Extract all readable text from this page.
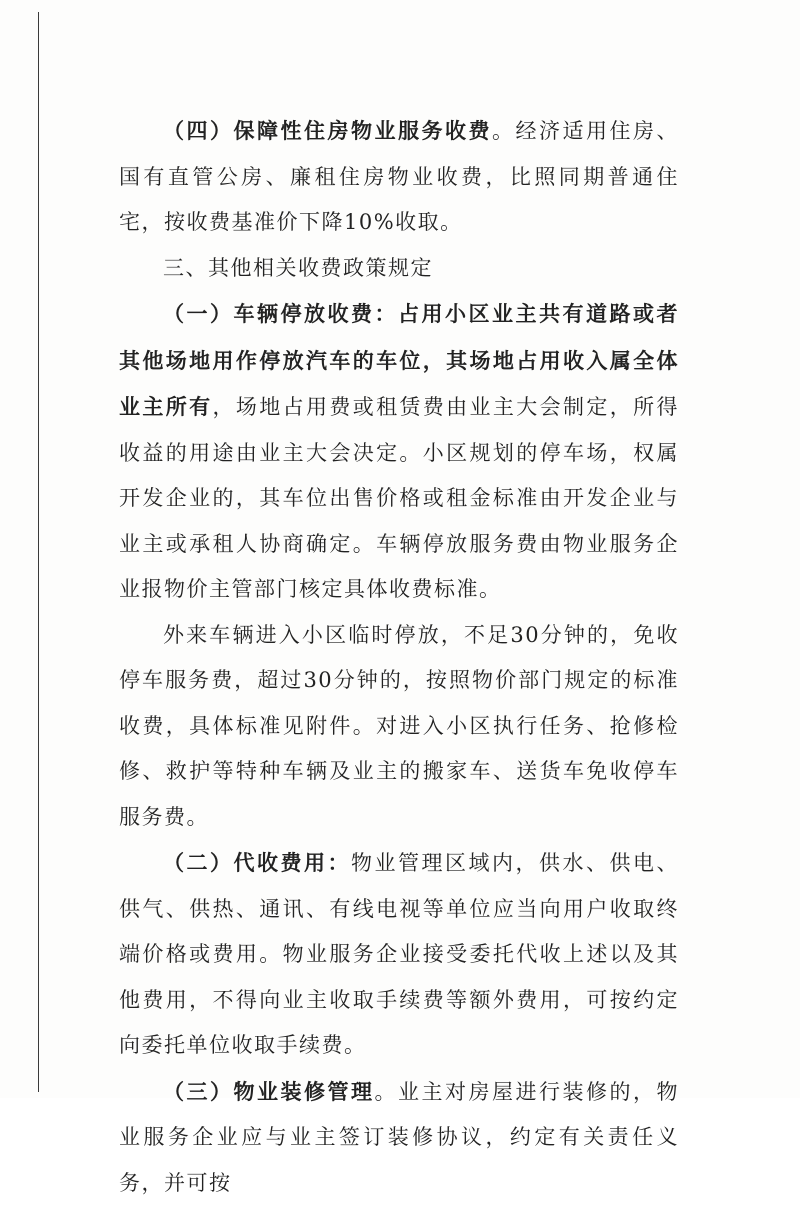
（四）保障性住房物业服务收费。经济适用住房、国有直管公房、廉租住房物业收费，比照同期普通住宅，按收费基准价下降10%收取。

三、其他相关收费政策规定

（一）车辆停放收费：占用小区业主共有道路或者其他场地用作停放汽车的车位，其场地占用收入属全体业主所有，场地占用费或租赁费由业主大会制定，所得收益的用途由业主大会决定。小区规划的停车场，权属开发企业的，其车位出售价格或租金标准由开发企业与业主或承租人协商确定。车辆停放服务费由物业服务企业报物价主管部门核定具体收费标准。

外来车辆进入小区临时停放，不足30分钟的，免收停车服务费，超过30分钟的，按照物价部门规定的标准收费，具体标准见附件。对进入小区执行任务、抢修检修、救护等特种车辆及业主的搬家车、送货车免收停车服务费。

（二）代收费用：物业管理区域内，供水、供电、供气、供热、通讯、有线电视等单位应当向用户收取终端价格或费用。物业服务企业接受委托代收上述以及其他费用，不得向业主收取手续费等额外费用，可按约定向委托单位收取手续费。

（三）物业装修管理。业主对房屋进行装修的，物业服务企业应与业主签订装修协议，约定有关责任义务，并可按
